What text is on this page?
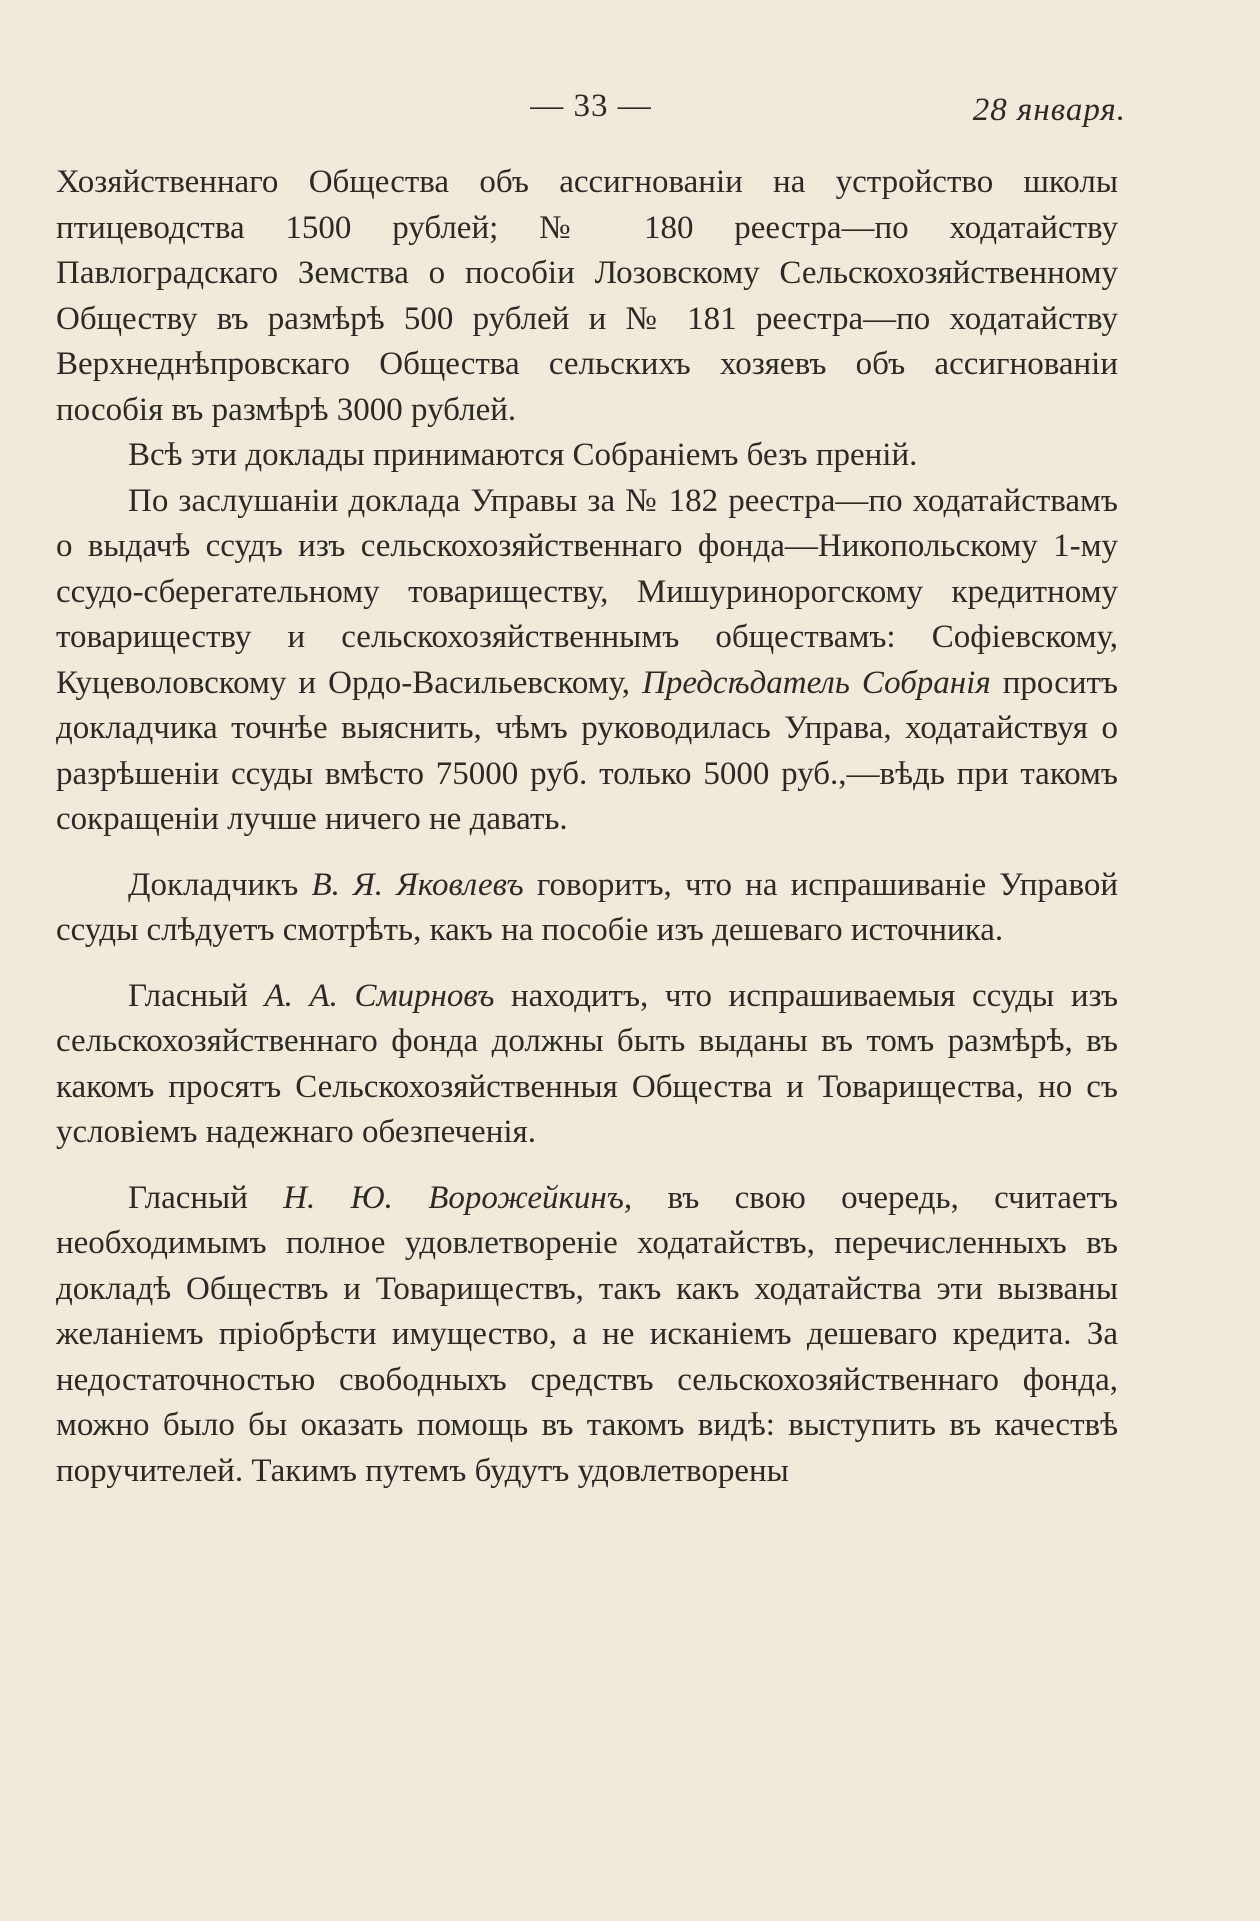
— 33 —	28 января.

Хозяйственнаго Общества объ ассигнованіи на устройство школы птицеводства 1500 рублей; № 180 реестра—по ходатайству Павлоградскаго Земства о пособіи Лозовскому Сельскохозяйственному Обществу въ размѣрѣ 500 рублей и № 181 реестра—по ходатайству Верхнеднѣпровскаго Общества сельскихъ хозяевъ объ ассигнованіи пособія въ размѣрѣ 3000 рублей.

Всѣ эти доклады принимаются Собраніемъ безъ преній.

По заслушаніи доклада Управы за № 182 реестра—по ходатайствамъ о выдачѣ ссудъ изъ сельскохозяйственнаго фонда—Никопольскому 1-му ссудо-сберегательному товариществу, Мишуринорогскому кредитному товариществу и сельскохозяйственнымъ обществамъ: Софіевскому, Куцеволовскому и Ордо-Васильевскому, Предсѣдатель Собранія проситъ докладчика точнѣе выяснить, чѣмъ руководилась Управа, ходатайствуя о разрѣшеніи ссуды вмѣсто 75000 руб. только 5000 руб.,—вѣдь при такомъ сокращеніи лучше ничего не давать.

Докладчикъ В. Я. Яковлевъ говоритъ, что на испрашиваніе Управой ссуды слѣдуетъ смотрѣть, какъ на пособіе изъ дешеваго источника.

Гласный А. А. Смирновъ находитъ, что испрашиваемыя ссуды изъ сельскохозяйственнаго фонда должны быть выданы въ томъ размѣрѣ, въ какомъ просятъ Сельскохозяйственныя Общества и Товарищества, но съ условіемъ надежнаго обезпеченія.

Гласный Н. Ю. Ворожейкинъ, въ свою очередь, считаетъ необходимымъ полное удовлетвореніе ходатайствъ, перечисленныхъ въ докладѣ Обществъ и Товариществъ, такъ какъ ходатайства эти вызваны желаніемъ пріобрѣсти имущество, а не исканіемъ дешеваго кредита. За недостаточностью свободныхъ средствъ сельскохозяйственнаго фонда, можно было бы оказать помощь въ такомъ видѣ: выступить въ качествѣ поручителей. Такимъ путемъ будутъ удовлетворены
